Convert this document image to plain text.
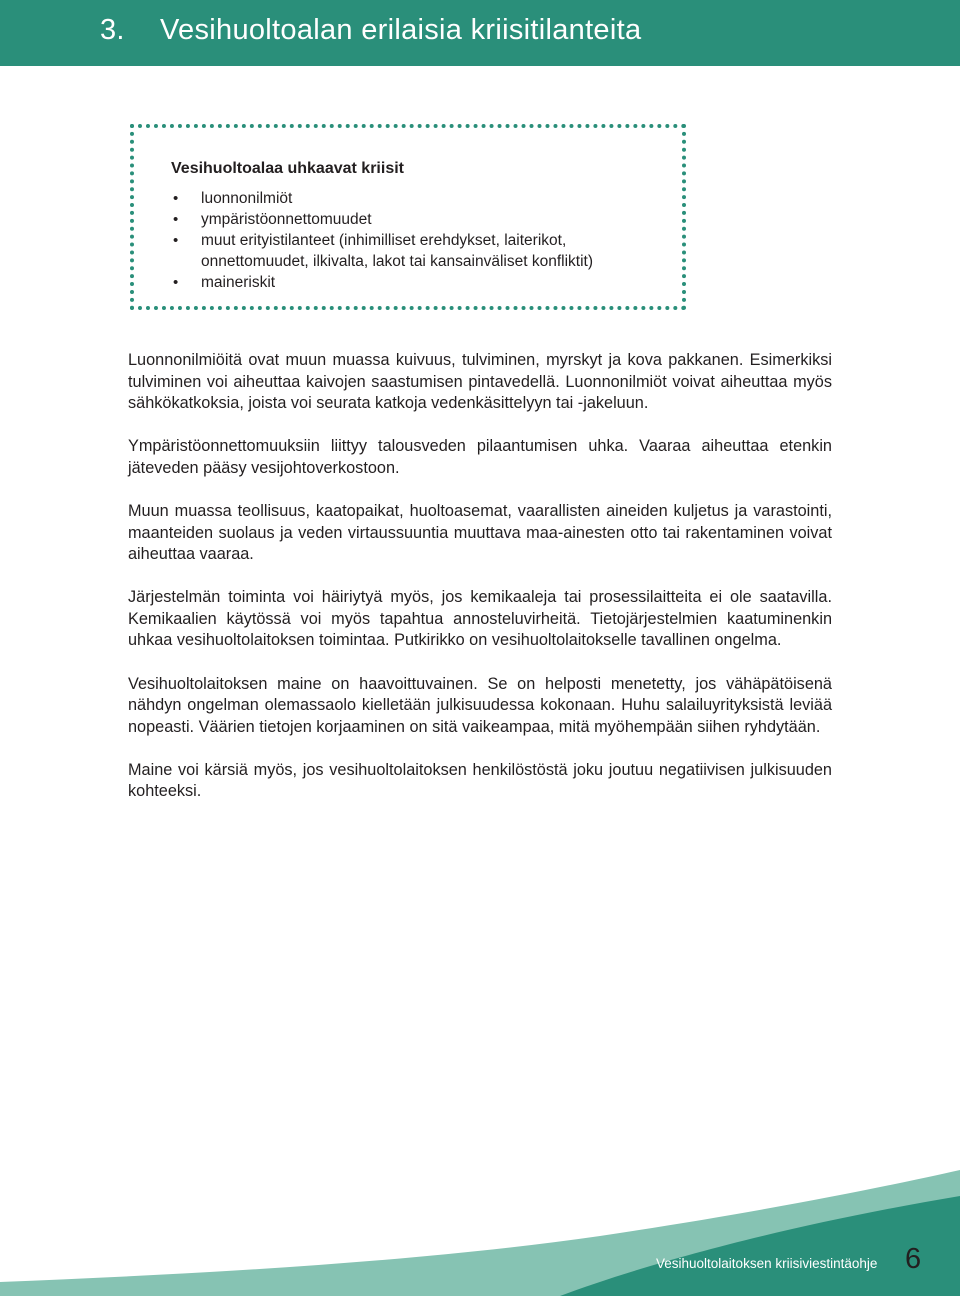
3. Vesihuoltoalan erilaisia kriisitilanteita
Vesihuoltoalaa uhkaavat kriisit
• luonnonilmiöt
• ympäristöonnettomuudet
• muut erityistilanteet (inhimilliset erehdykset, laiterikot, onnettomuudet, ilkivalta, lakot tai kansainväliset konfliktit)
• maineriskit

Luonnonilmiöitä ovat muun muassa kuivuus, tulviminen, myrskyt ja kova pakkanen. Esimerkiksi tulviminen voi aiheuttaa kaivojen saastumisen pintavedellä. Luonnonilmiöt voivat aiheuttaa myös sähkökatkoksia, joista voi seurata katkoja vedenkäsittelyyn tai -jakeluun.

Ympäristöonnettomuuksiin liittyy talousveden pilaantumisen uhka. Vaaraa aiheuttaa etenkin jäteveden pääsy vesijohtoverkostoon.

Muun muassa teollisuus, kaatopaikat, huoltoasemat, vaarallisten aineiden kuljetus ja varastointi, maanteiden suolaus ja veden virtaussuuntia muuttava maa-ainesten otto tai rakentaminen voivat aiheuttaa vaaraa.

Järjestelmän toiminta voi häiriytyä myös, jos kemikaaleja tai prosessilaitteita ei ole saatavilla. Kemikaalien käytössä voi myös tapahtua annosteluvirheitä. Tietojärjestelmien kaatuminenkin uhkaa vesihuoltolaitoksen toimintaa. Putkirikko on vesihuoltolaitokselle tavallinen ongelma.

Vesihuoltolaitoksen maine on haavoittuvainen. Se on helposti menetetty, jos vähäpätöisenä nähdyn ongelman olemassaolo kielletään julkisuudessa kokonaan. Huhu salailuyrityksistä leviää nopeasti. Väärien tietojen korjaaminen on sitä vaikeampaa, mitä myöhempään siihen ryhdytään.

Maine voi kärsiä myös, jos vesihuoltolaitoksen henkilöstöstä joku joutuu negatiivisen julkisuuden kohteeksi.

Vesihuoltolaitoksen kriisiviestintäohje 6
